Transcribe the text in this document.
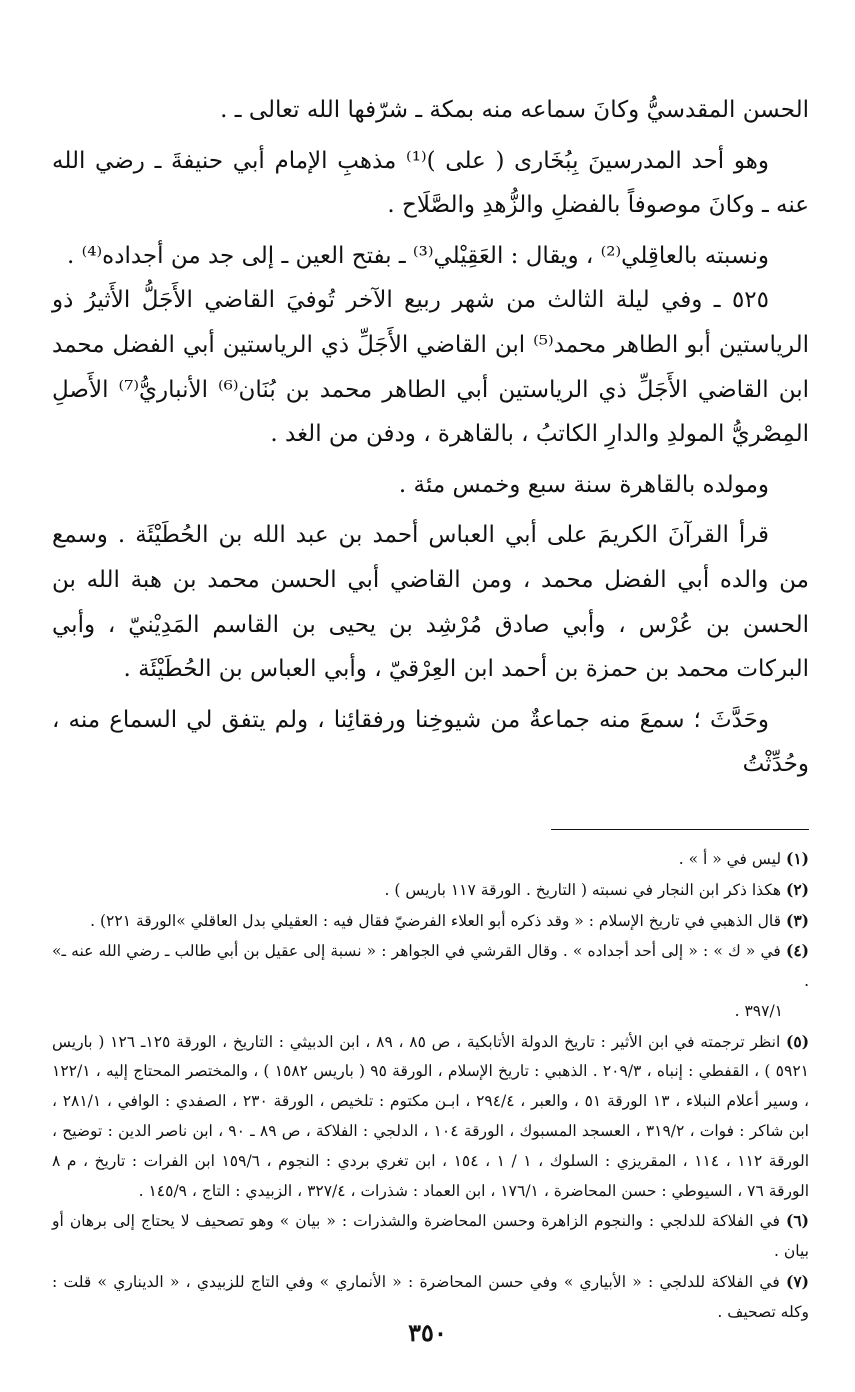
الحسن المقدسيُّ وكانَ سماعه منه بمكة ـ شرّفها الله تعالى ـ .

وهو أحد المدرسينَ بِبُخَارى ( على )⁽¹⁾ مذهبِ الإمام أبي حنيفةَ ـ رضي الله عنه ـ وكانَ موصوفاً بالفضلِ والزُّهدِ والصَّلَاح .

ونسبته بالعاقِلي⁽²⁾ ، ويقال : العَقِيْلي⁽³⁾ ـ بفتح العين ـ إلى جد من أجداده⁽⁴⁾ .

٥٢٥ ـ وفي ليلة الثالث من شهر ربيع الآخر تُوفيَ القاضي الأَجَلُّ الأَثيرُ ذو الرياستين أبو الطاهر محمد⁽⁵⁾ ابن القاضي الأَجَلِّ ذي الرياستين أبي الفضل محمد ابن القاضي الأَجَلِّ ذي الرياستين أبي الطاهر محمد بن بُنَان⁽⁶⁾ الأنباريُّ⁽⁷⁾ الأَصلِ المِصْريُّ المولدِ والدارِ الكاتبُ ، بالقاهرة ، ودفن من الغد .

ومولده بالقاهرة سنة سبع وخمس مئة .

قرأ القرآنَ الكريمَ على أبي العباس أحمد بن عبد الله بن الحُطَيْئَة . وسمع من والده أبي الفضل محمد ، ومن القاضي أبي الحسن محمد بن هبة الله بن الحسن بن عُرْس ، وأبي صادق مُرْشِد بن يحيى بن القاسم المَدِيْنيّ ، وأبي البركات محمد بن حمزة بن أحمد ابن العِرْقيّ ، وأبي العباس بن الحُطَيْئَة .

وحَدَّثَ ؛ سمعَ منه جماعةٌ من شيوخِنا ورفقائِنا ، ولم يتفق لي السماع منه ، وحُدِّثْتُ

(١) ليس في « أ » .

(٢) هكذا ذكر ابن النجار في نسبته ( التاريخ . الورقة ١١٧ باريس ) .

(٣) قال الذهبي في تاريخ الإسلام : « وقد ذكره أبو العلاء الفرضيّ فقال فيه : العقيلي بدل العاقلي »الورقة ٢٢١) .

(٤) في « ك » : « إلى أحد أجداده » . وقال القرشي في الجواهر : « نسبة إلى عقيل بن أبي طالب ـ رضي الله عنه ـ» .

٣٩٧/١ .

(٥) انظر ترجمته في ابن الأثير : تاريخ الدولة الأتابكية ، ص ٨٥ ، ٨٩ ، ابن الدبيثي : التاريخ ، الورقة ١٢٥ـ ١٢٦ ( باريس ٥٩٢١ ) ، القفطي : إنباه ، ٢٠٩/٣ . الذهبي : تاريخ الإسلام ، الورقة ٩٥ ( باريس ١٥٨٢ ) ، والمختصر المحتاج إليه ، ١٢٢/١ ، وسير أعلام النبلاء ، ١٣ الورقة ٥١ ، والعبر ، ٢٩٤/٤ ، ابـن مكتوم : تلخيص ، الورقة ٢٣٠ ، الصفدي : الوافي ، ٢٨١/١ ، ابن شاكر : فوات ، ٣١٩/٢ ، العسجد المسبوك ، الورقة ١٠٤ ، الدلجي : الفلاكة ، ص ٨٩ ـ ٩٠ ، ابن ناصر الدين : توضيح ، الورقة ١١٢ ، ١١٤ ، المقريزي : السلوك ، ١ / ١ ، ١٥٤ ، ابن تغري بردي : النجوم ، ١٥٩/٦ ابن الفرات : تاريخ ، م ٨ الورقة ٧٦ ، السيوطي : حسن المحاضرة ، ١٧٦/١ ، ابن العماد : شذرات ، ٣٢٧/٤ ، الزبيدي : التاج ، ١٤٥/٩ .

(٦) في الفلاكة للدلجي : والنجوم الزاهرة وحسن المحاضرة والشذرات : « بيان » وهو تصحيف لا يحتاج إلى برهان أو بيان .

(٧) في الفلاكة للدلجي : « الأبياري » وفي حسن المحاضرة : « الأنماري » وفي التاج للزبيدي ، « الديناري » قلت : وكله تصحيف .

٣٥٠
